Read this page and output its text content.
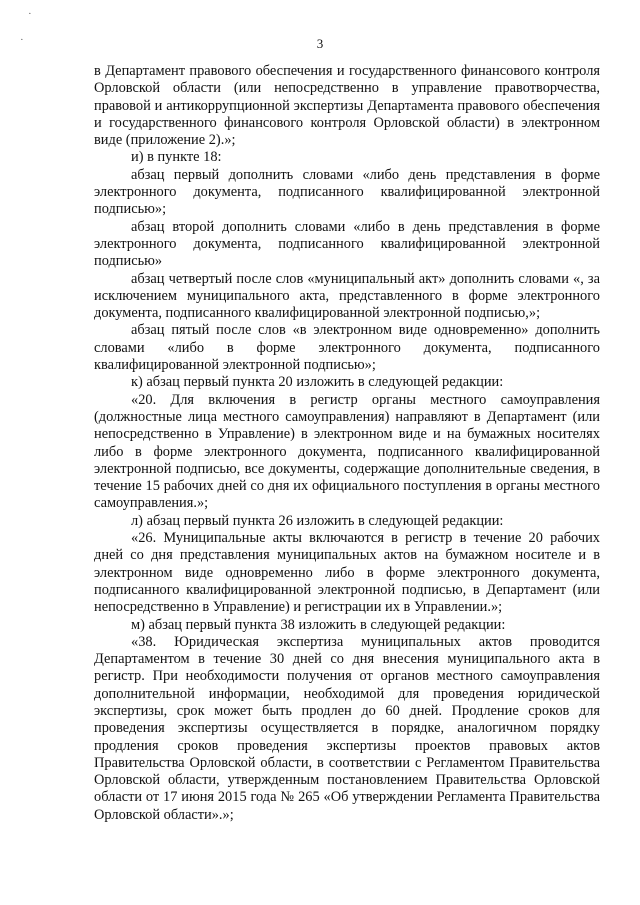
·
·	3

в Департамент правового обеспечения и государственного финансового контроля Орловской области (или непосредственно в управление правотворчества, правовой и антикоррупционной экспертизы Департамента правового обеспечения и государственного финансового контроля Орловской области) в электронном виде (приложение 2).»;

и) в пункте 18:

абзац первый дополнить словами «либо день представления в форме электронного документа, подписанного квалифицированной электронной подписью»;

абзац второй дополнить словами «либо в день представления в форме электронного документа, подписанного квалифицированной электронной подписью»

абзац четвертый после слов «муниципальный акт» дополнить словами «, за исключением муниципального акта, представленного в форме электронного документа, подписанного квалифицированной электронной подписью,»;

абзац пятый после слов «в электронном виде одновременно» дополнить словами «либо в форме электронного документа, подписанного квалифицированной электронной подписью»;

к) абзац первый пункта 20 изложить в следующей редакции:

«20. Для включения в регистр органы местного самоуправления (должностные лица местного самоуправления) направляют в Департамент (или непосредственно в Управление) в электронном виде и на бумажных носителях либо в форме электронного документа, подписанного квалифицированной электронной подписью, все документы, содержащие дополнительные сведения, в течение 15 рабочих дней со дня их официального поступления в органы местного самоуправления.»;

л) абзац первый пункта 26 изложить в следующей редакции:

«26. Муниципальные акты включаются в регистр в течение 20 рабочих дней со дня представления муниципальных актов на бумажном носителе и в электронном виде одновременно либо в форме электронного документа, подписанного квалифицированной электронной подписью, в Департамент (или непосредственно в Управление) и регистрации их в Управлении.»;

м) абзац первый пункта 38 изложить в следующей редакции:

«38. Юридическая экспертиза муниципальных актов проводится Департаментом в течение 30 дней со дня внесения муниципального акта в регистр. При необходимости получения от органов местного самоуправления дополнительной информации, необходимой для проведения юридической экспертизы, срок может быть продлен до 60 дней. Продление сроков для проведения экспертизы осуществляется в порядке, аналогичном порядку продления сроков проведения экспертизы проектов правовых актов Правительства Орловской области, в соответствии с Регламентом Правительства Орловской области, утвержденным постановлением Правительства Орловской области от 17 июня 2015 года № 265 «Об утверждении Регламента Правительства Орловской области».»;
